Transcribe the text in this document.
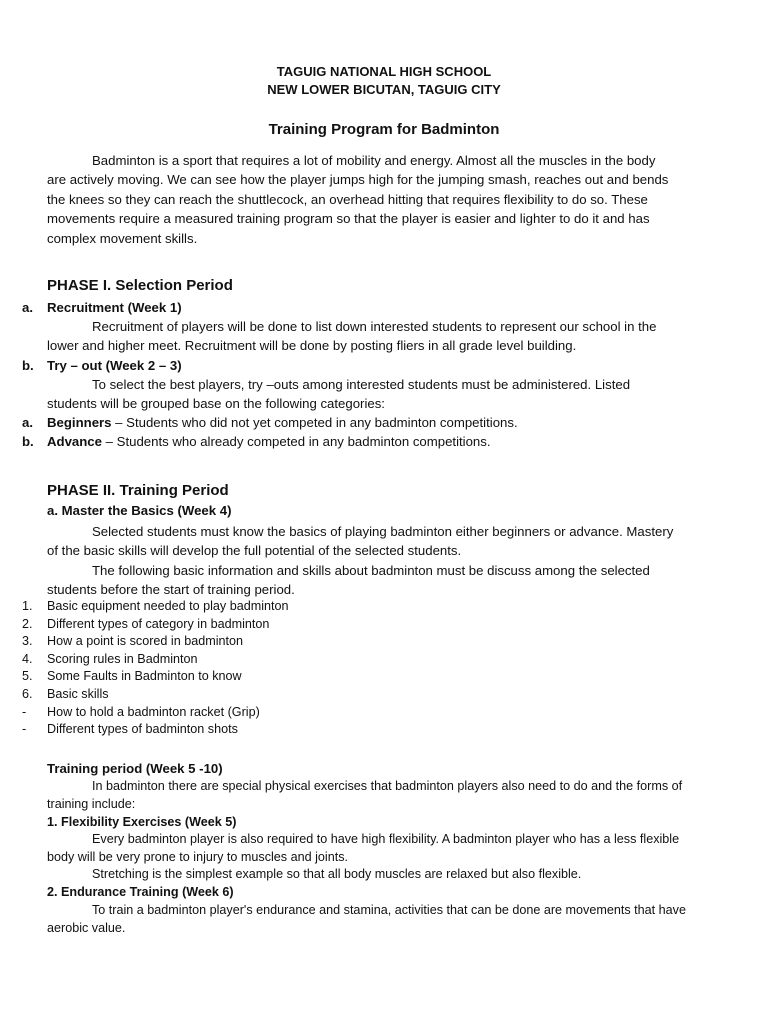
TAGUIG NATIONAL HIGH SCHOOL
NEW LOWER BICUTAN, TAGUIG CITY
Training Program for Badminton
Badminton is a sport that requires a lot of mobility and energy. Almost all the muscles in the body
are actively moving. We can see how the player jumps high for the jumping smash, reaches out and bends
the knees so they can reach the shuttlecock, an overhead hitting that requires flexibility to do so. These
movements require a measured training program so that the player is easier and lighter to do it and has
complex movement skills.
PHASE I. Selection Period
a.	Recruitment (Week 1)
Recruitment of players will be done to list down interested students to represent our school in the
lower and higher meet. Recruitment will be done by posting fliers in all grade level building.
b.	Try – out (Week 2 – 3)
To select the best players, try –outs among interested students must be administered. Listed
students will be grouped base on the following categories:
a.	Beginners – Students who did not yet competed in any badminton competitions.
b.	Advance – Students who already competed in any badminton competitions.
PHASE II. Training Period
a. Master the Basics (Week 4)
Selected students must know the basics of playing badminton either beginners or advance. Mastery
of the basic skills will develop the full potential of the selected students.
The following basic information and skills about badminton must be discuss among the selected
students before the start of training period.
1.	Basic equipment needed to play badminton
2.	Different types of category in badminton
3.	How a point is scored in badminton
4.	Scoring rules in Badminton
5.	Some Faults in Badminton to know
6.	Basic skills
-	How to hold a badminton racket (Grip)
-	Different types of badminton shots
Training period (Week 5 -10)
In badminton there are special physical exercises that badminton players also need to do and the forms of
training include:
1. Flexibility Exercises (Week 5)
Every badminton player is also required to have high flexibility. A badminton player who has a less flexible
body will be very prone to injury to muscles and joints.
Stretching is the simplest example so that all body muscles are relaxed but also flexible.
2. Endurance Training (Week 6)
To train a badminton player's endurance and stamina, activities that can be done are movements that have
aerobic value.
